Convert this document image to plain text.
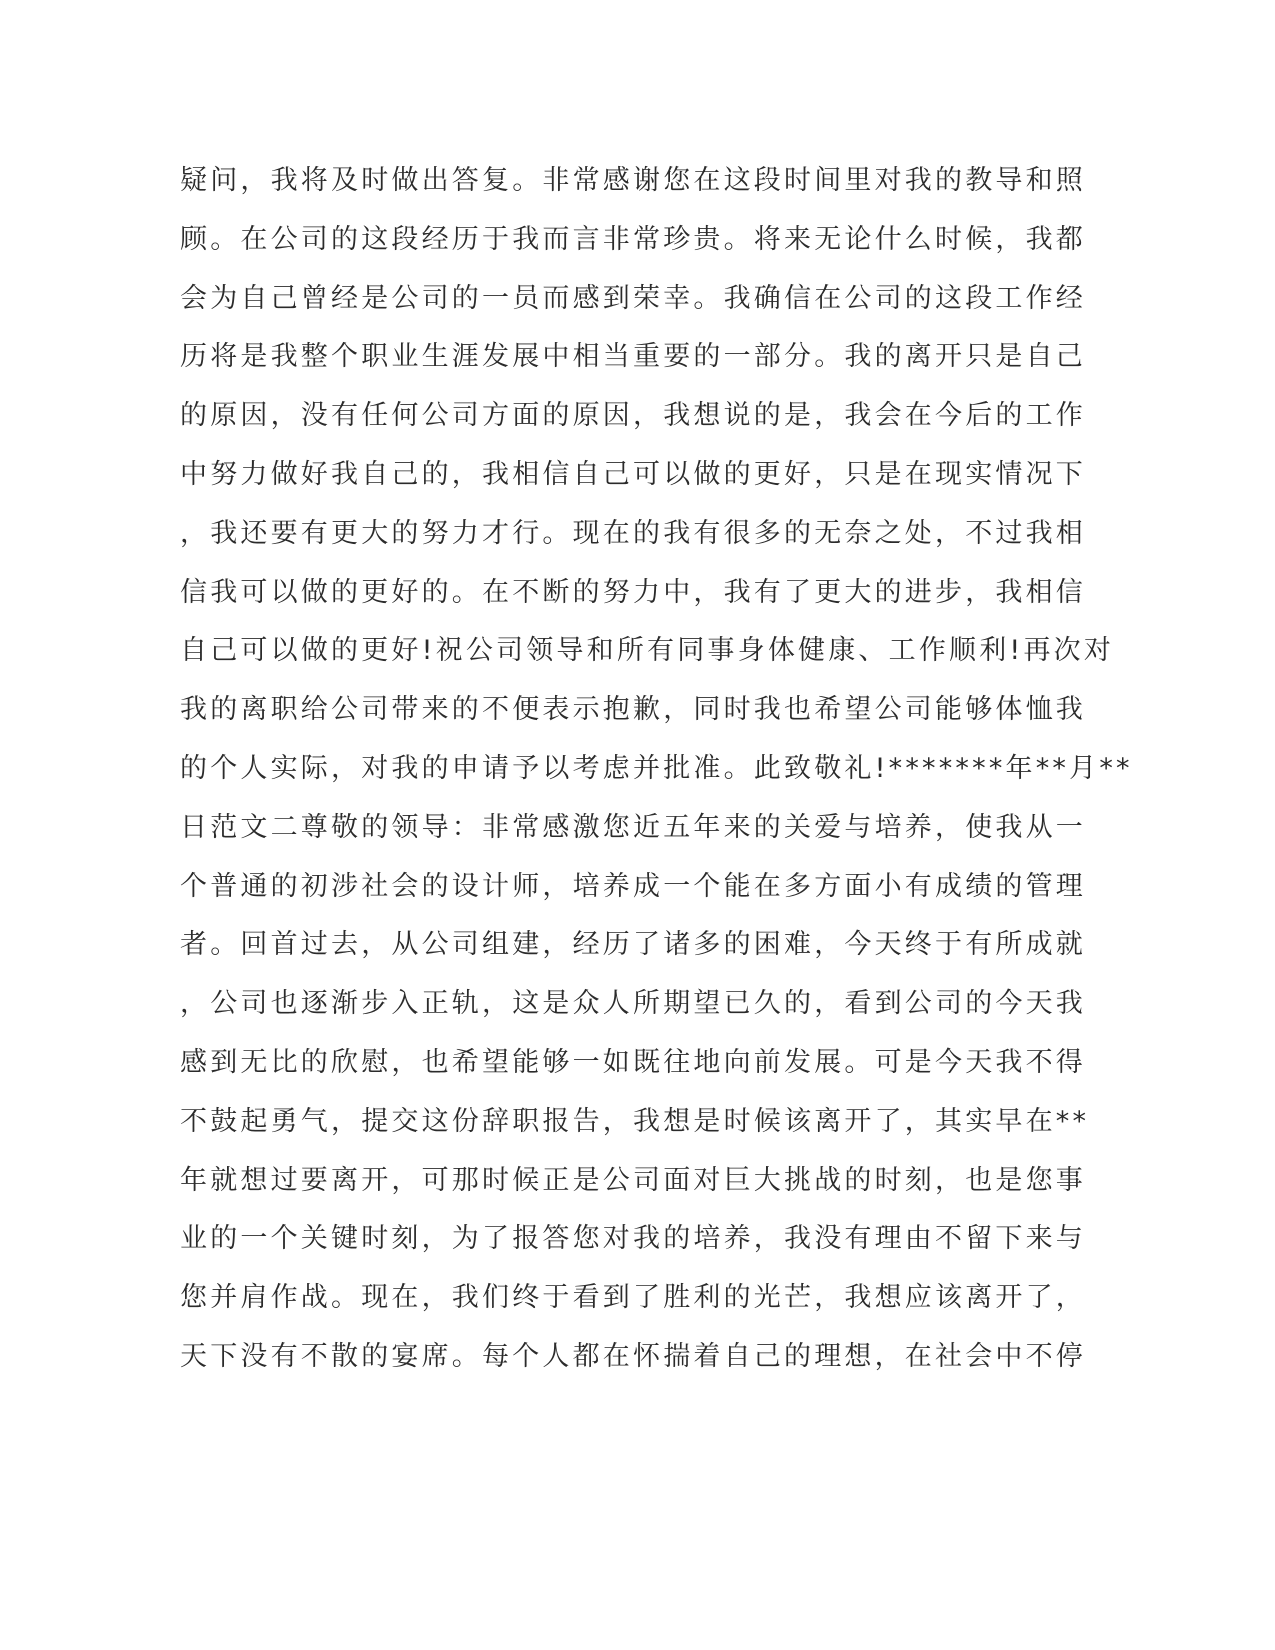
疑问，我将及时做出答复。非常感谢您在这段时间里对我的教导和照
顾。在公司的这段经历于我而言非常珍贵。将来无论什么时候，我都
会为自己曾经是公司的一员而感到荣幸。我确信在公司的这段工作经
历将是我整个职业生涯发展中相当重要的一部分。我的离开只是自己
的原因，没有任何公司方面的原因，我想说的是，我会在今后的工作
中努力做好我自己的，我相信自己可以做的更好，只是在现实情况下
，我还要有更大的努力才行。现在的我有很多的无奈之处，不过我相
信我可以做的更好的。在不断的努力中，我有了更大的进步，我相信
自己可以做的更好!祝公司领导和所有同事身体健康、工作顺利!再次对
我的离职给公司带来的不便表示抱歉，同时我也希望公司能够体恤我
的个人实际，对我的申请予以考虑并批准。此致敬礼!*******年**月**
日范文二尊敬的领导：非常感激您近五年来的关爱与培养，使我从一
个普通的初涉社会的设计师，培养成一个能在多方面小有成绩的管理
者。回首过去，从公司组建，经历了诸多的困难，今天终于有所成就
，公司也逐渐步入正轨，这是众人所期望已久的，看到公司的今天我
感到无比的欣慰，也希望能够一如既往地向前发展。可是今天我不得
不鼓起勇气，提交这份辞职报告，我想是时候该离开了，其实早在**
年就想过要离开，可那时候正是公司面对巨大挑战的时刻，也是您事
业的一个关键时刻，为了报答您对我的培养，我没有理由不留下来与
您并肩作战。现在，我们终于看到了胜利的光芒，我想应该离开了，
天下没有不散的宴席。每个人都在怀揣着自己的理想，在社会中不停
